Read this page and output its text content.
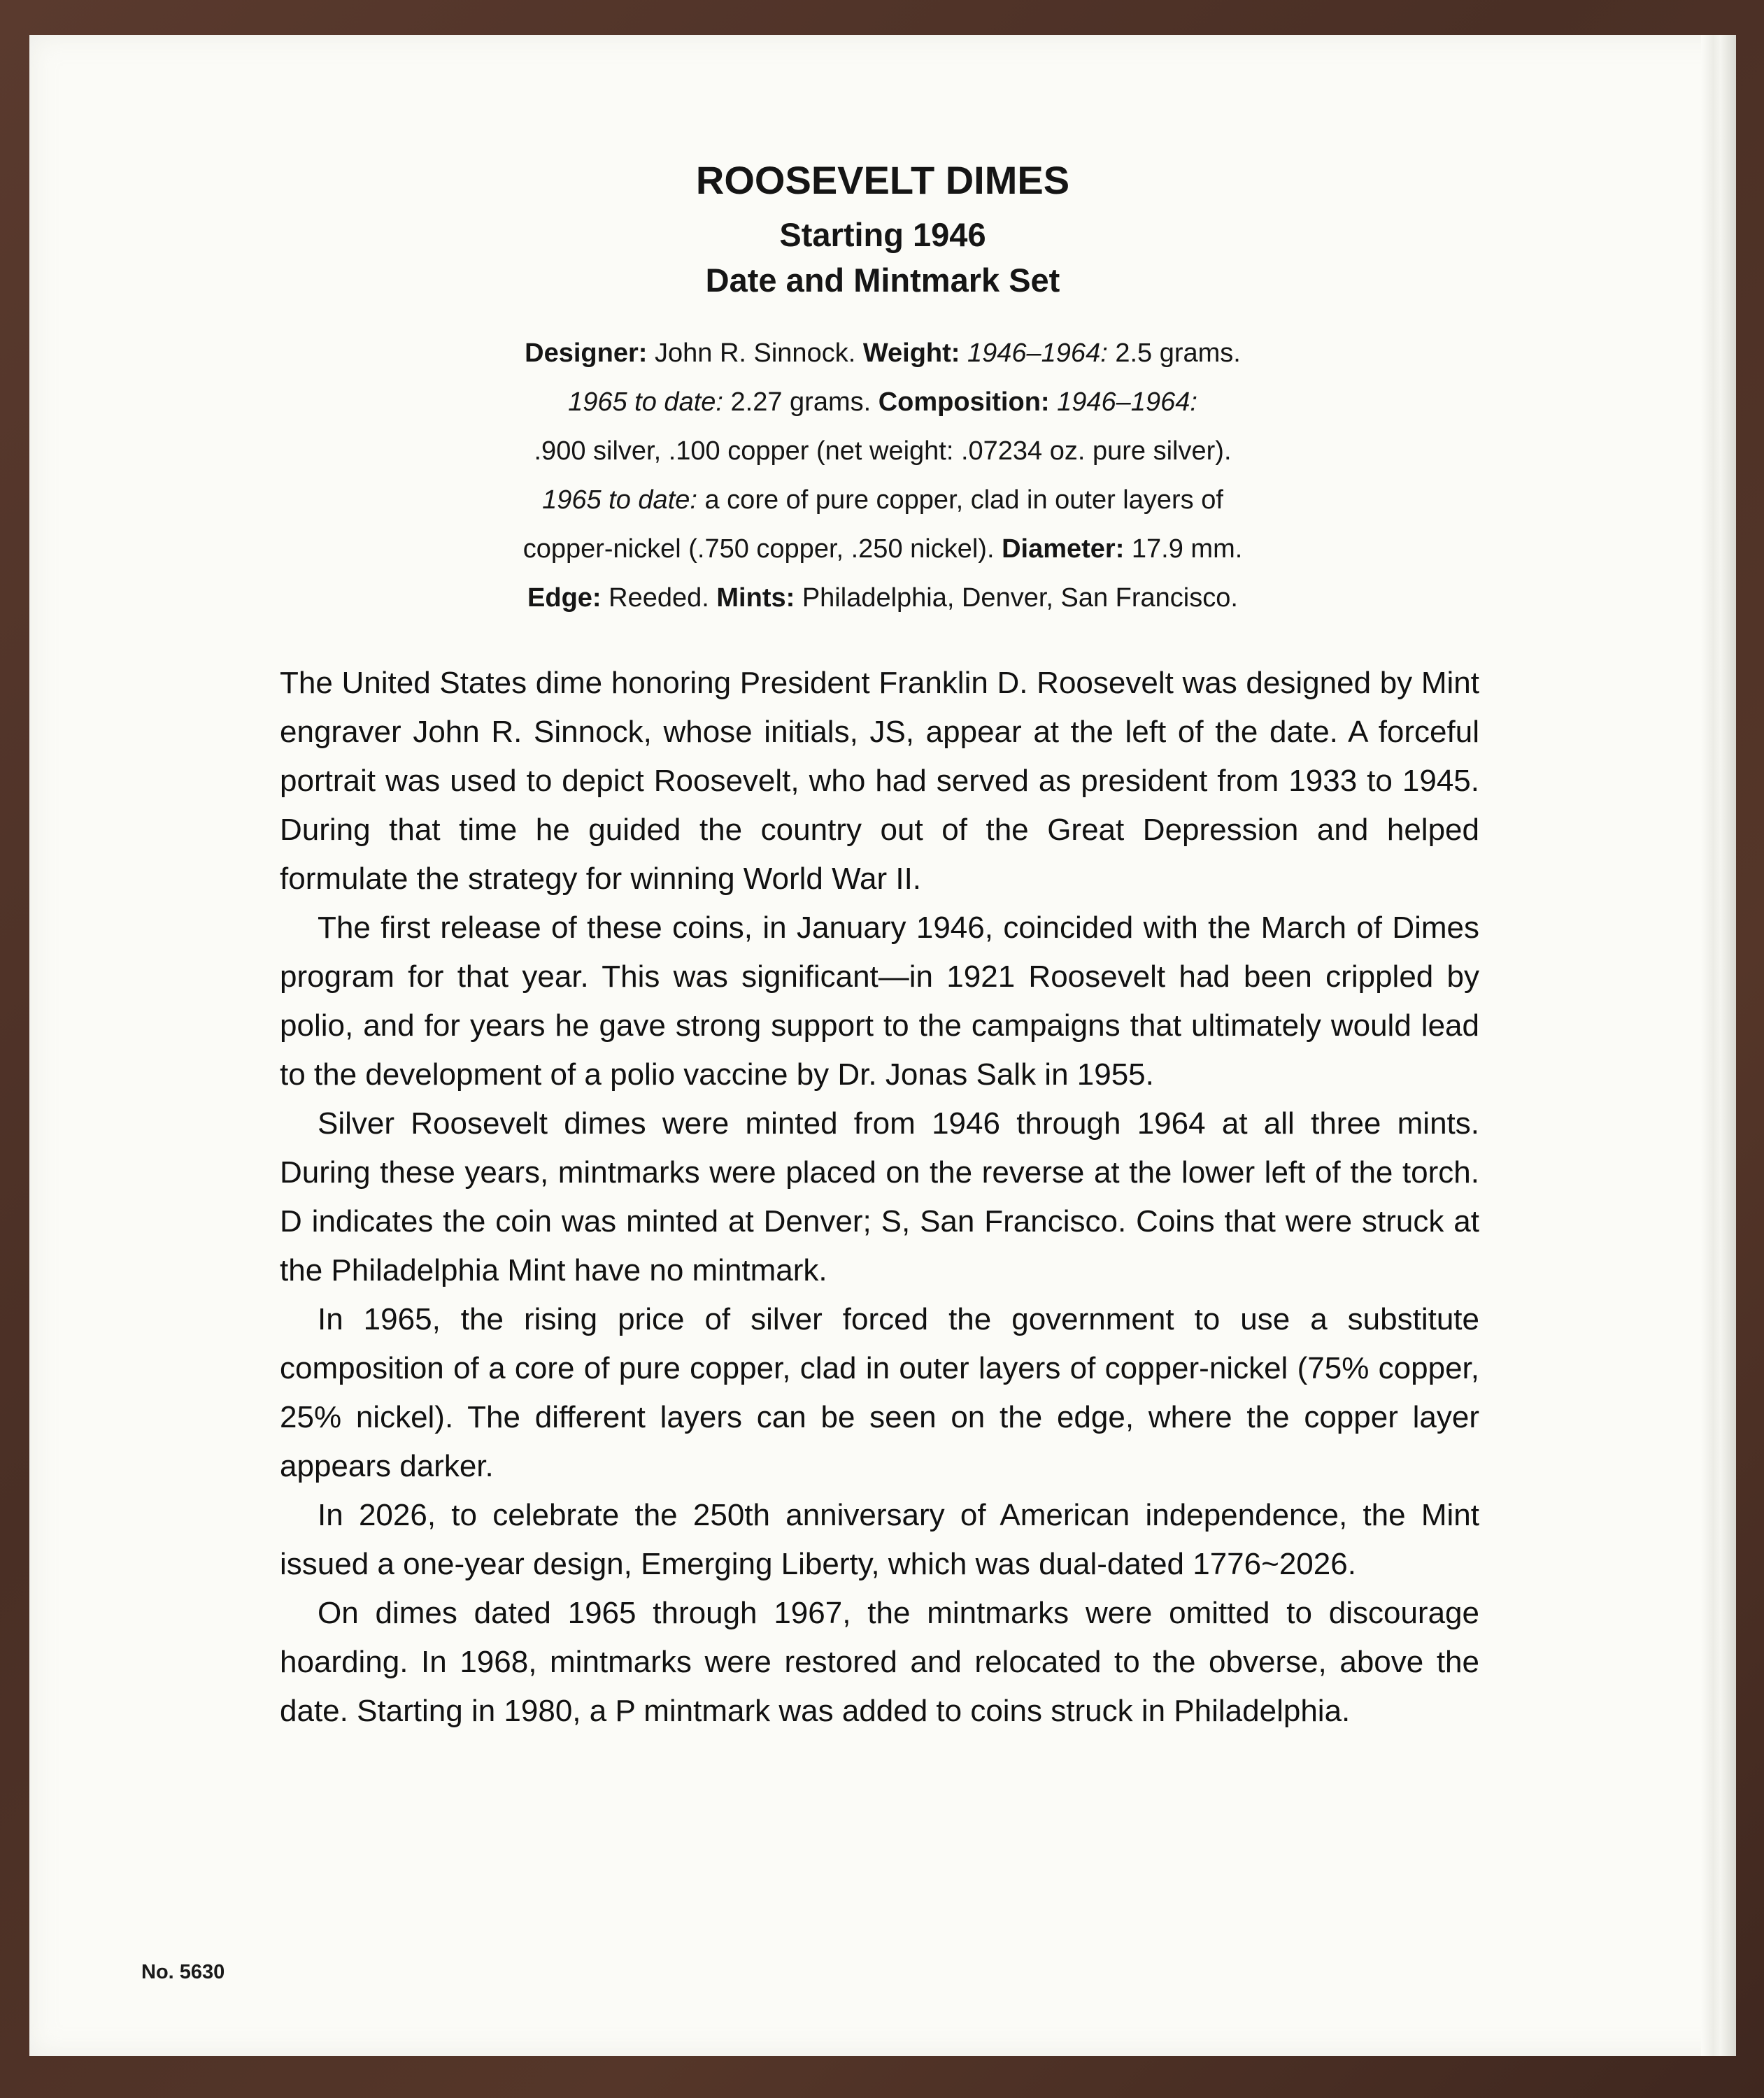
ROOSEVELT DIMES
Starting 1946
Date and Mintmark Set
Designer: John R. Sinnock. Weight: 1946–1964: 2.5 grams.
1965 to date: 2.27 grams. Composition: 1946–1964:
.900 silver, .100 copper (net weight: .07234 oz. pure silver).
1965 to date: a core of pure copper, clad in outer layers of
copper-nickel (.750 copper, .250 nickel). Diameter: 17.9 mm.
Edge: Reeded. Mints: Philadelphia, Denver, San Francisco.

The United States dime honoring President Franklin D. Roosevelt was designed by Mint engraver John R. Sinnock, whose initials, JS, appear at the left of the date. A forceful portrait was used to depict Roosevelt, who had served as president from 1933 to 1945. During that time he guided the country out of the Great Depression and helped formulate the strategy for winning World War II.

The first release of these coins, in January 1946, coincided with the March of Dimes program for that year. This was significant—in 1921 Roosevelt had been crippled by polio, and for years he gave strong support to the campaigns that ultimately would lead to the development of a polio vaccine by Dr. Jonas Salk in 1955.

Silver Roosevelt dimes were minted from 1946 through 1964 at all three mints. During these years, mintmarks were placed on the reverse at the lower left of the torch. D indicates the coin was minted at Denver; S, San Francisco. Coins that were struck at the Philadelphia Mint have no mintmark.

In 1965, the rising price of silver forced the government to use a substitute composition of a core of pure copper, clad in outer layers of copper-nickel (75% copper, 25% nickel). The different layers can be seen on the edge, where the copper layer appears darker.

In 2026, to celebrate the 250th anniversary of American independence, the Mint issued a one-year design, Emerging Liberty, which was dual-dated 1776~2026.

On dimes dated 1965 through 1967, the mintmarks were omitted to discourage hoarding. In 1968, mintmarks were restored and relocated to the obverse, above the date. Starting in 1980, a P mintmark was added to coins struck in Philadelphia.

No. 5630
